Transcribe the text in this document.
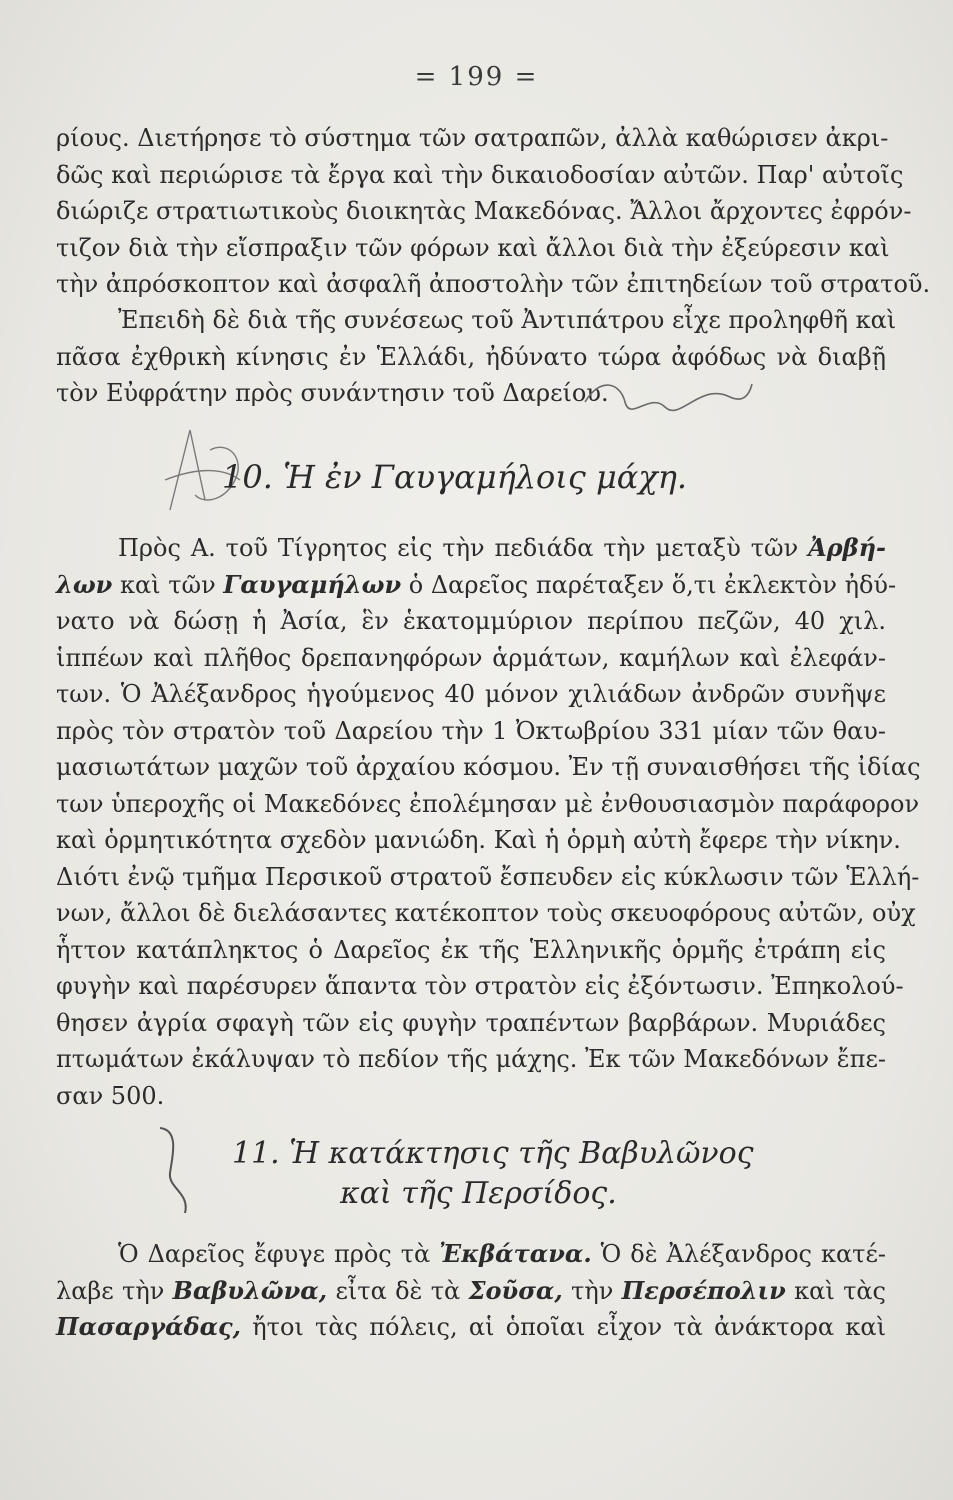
= 199 =
ρίους. Διετήρησε τὸ σύστημα τῶν σατραπῶν, ἀλλὰ καθώρισεν ἀκρι-
δῶς καὶ περιώρισε τὰ ἔργα καὶ τὴν δικαιοδοσίαν αὐτῶν. Παρ' αὐτοῖς
διώριζε στρατιωτικοὺς διοικητὰς Μακεδόνας. Ἄλλοι ἄρχοντες ἐφρόν-
τιζον διὰ τὴν εἴσπραξιν τῶν φόρων καὶ ἄλλοι διὰ τὴν ἐξεύρεσιν καὶ
τὴν ἀπρόσκοπτον καὶ ἀσφαλῆ ἀποστολὴν τῶν ἐπιτηδείων τοῦ στρατοῦ.
Ἐπειδὴ δὲ διὰ τῆς συνέσεως τοῦ Ἀντιπάτρου εἶχε προληφθῆ καὶ
πᾶσα ἐχθρικὴ κίνησις ἐν Ἑλλάδι, ἠδύνατο τώρα ἀφόδως νὰ διαβῇ
τὸν Εὐφράτην πρὸς συνάντησιν τοῦ Δαρείου.
10. Ἡ ἐν Γαυγαμήλοις μάχη.
Πρὸς Α. τοῦ Τίγρητος εἰς τὴν πεδιάδα τὴν μεταξὺ τῶν Ἀρβή-
λων καὶ τῶν Γαυγαμήλων ὁ Δαρεῖος παρέταξεν ὅ,τι ἐκλεκτὸν ἠδύ-
νατο νὰ δώσῃ ἡ Ἀσία, ἓν ἑκατομμύριον περίπου πεζῶν, 40 χιλ.
ἱππέων καὶ πλῆθος δρεπανηφόρων ἁρμάτων, καμήλων καὶ ἐλεφάν-
των. Ὁ Ἀλέξανδρος ἡγούμενος 40 μόνον χιλιάδων ἀνδρῶν συνῆψε
πρὸς τὸν στρατὸν τοῦ Δαρείου τὴν 1 Ὀκτωβρίου 331 μίαν τῶν θαυ-
μασιωτάτων μαχῶν τοῦ ἀρχαίου κόσμου. Ἐν τῇ συναισθήσει τῆς ἰδίας
των ὑπεροχῆς οἱ Μακεδόνες ἐπολέμησαν μὲ ἐνθουσιασμὸν παράφορον
καὶ ὁρμητικότητα σχεδὸν μανιώδη. Καὶ ἡ ὁρμὴ αὐτὴ ἔφερε τὴν νίκην.
Διότι ἐνῷ τμῆμα Περσικοῦ στρατοῦ ἔσπευδεν εἰς κύκλωσιν τῶν Ἑλλή-
νων, ἄλλοι δὲ διελάσαντες κατέκοπτον τοὺς σκευοφόρους αὐτῶν, οὐχ
ἧττον κατάπληκτος ὁ Δαρεῖος ἐκ τῆς Ἑλληνικῆς ὁρμῆς ἐτράπη εἰς
φυγὴν καὶ παρέσυρεν ἅπαντα τὸν στρατὸν εἰς ἐξόντωσιν. Ἐπηκολού-
θησεν ἀγρία σφαγὴ τῶν εἰς φυγὴν τραπέντων βαρβάρων. Μυριάδες
πτωμάτων ἐκάλυψαν τὸ πεδίον τῆς μάχης. Ἐκ τῶν Μακεδόνων ἔπε-
σαν 500.
11. Ἡ κατάκτησις τῆς Βαβυλῶνος
καὶ τῆς Περσίδος.
Ὁ Δαρεῖος ἔφυγε πρὸς τὰ Ἐκβάτανα. Ὁ δὲ Ἀλέξανδρος κατέ-
λαβε τὴν Βαβυλῶνα, εἶτα δὲ τὰ Σοῦσα, τὴν Περσέπολιν καὶ τὰς
Πασαργάδας, ἤτοι τὰς πόλεις, αἱ ὁποῖαι εἶχον τὰ ἀνάκτορα καὶ
